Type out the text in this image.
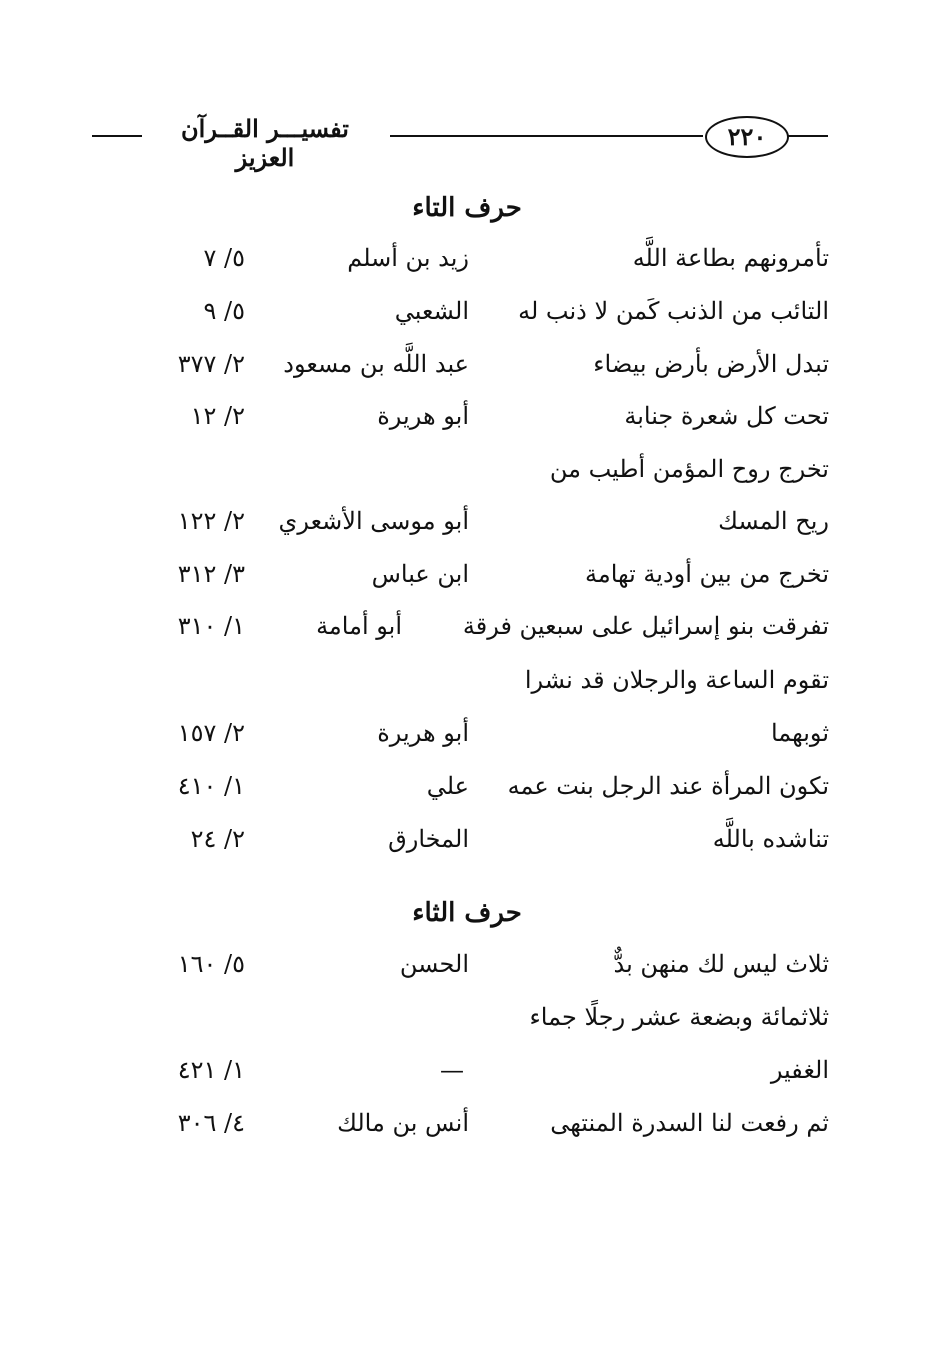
٢٢٠
تفسيـــر القــرآن العزيز
حرف التاء
تأمرونهم بطاعة اللَّه
زيد بن أسلم
٥/ ٧
التائب من الذنب كَمن لا ذنب له
الشعبي
٥/ ٩
تبدل الأرض بأرض بيضاء
عبد اللَّه بن مسعود
٢/ ٣٧٧
تحت كل شعرة جنابة
أبو هريرة
٢/ ١٢
تخرج روح المؤمن أطيب من
ريح المسك
أبو موسى الأشعري
٢/ ١٢٢
تخرج من بين أودية تهامة
ابن عباس
٣/ ٣١٢
تفرقت بنو إسرائيل على سبعين فرقة
أبو أمامة
١/ ٣١٠
تقوم الساعة والرجلان قد نشرا
ثوبهما
أبو هريرة
٢/ ١٥٧
تكون المرأة عند الرجل بنت عمه
علي
١/ ٤١٠
تناشده باللَّه
المخارق
٢/ ٢٤
حرف الثاء
ثلاث ليس لك منهن بدٌّ
الحسن
٥/ ١٦٠
ثلاثمائة وبضعة عشر رجلًا جماء
الغفير
—
١/ ٤٢١
ثم رفعت لنا السدرة المنتهى
أنس بن مالك
٤/ ٣٠٦
